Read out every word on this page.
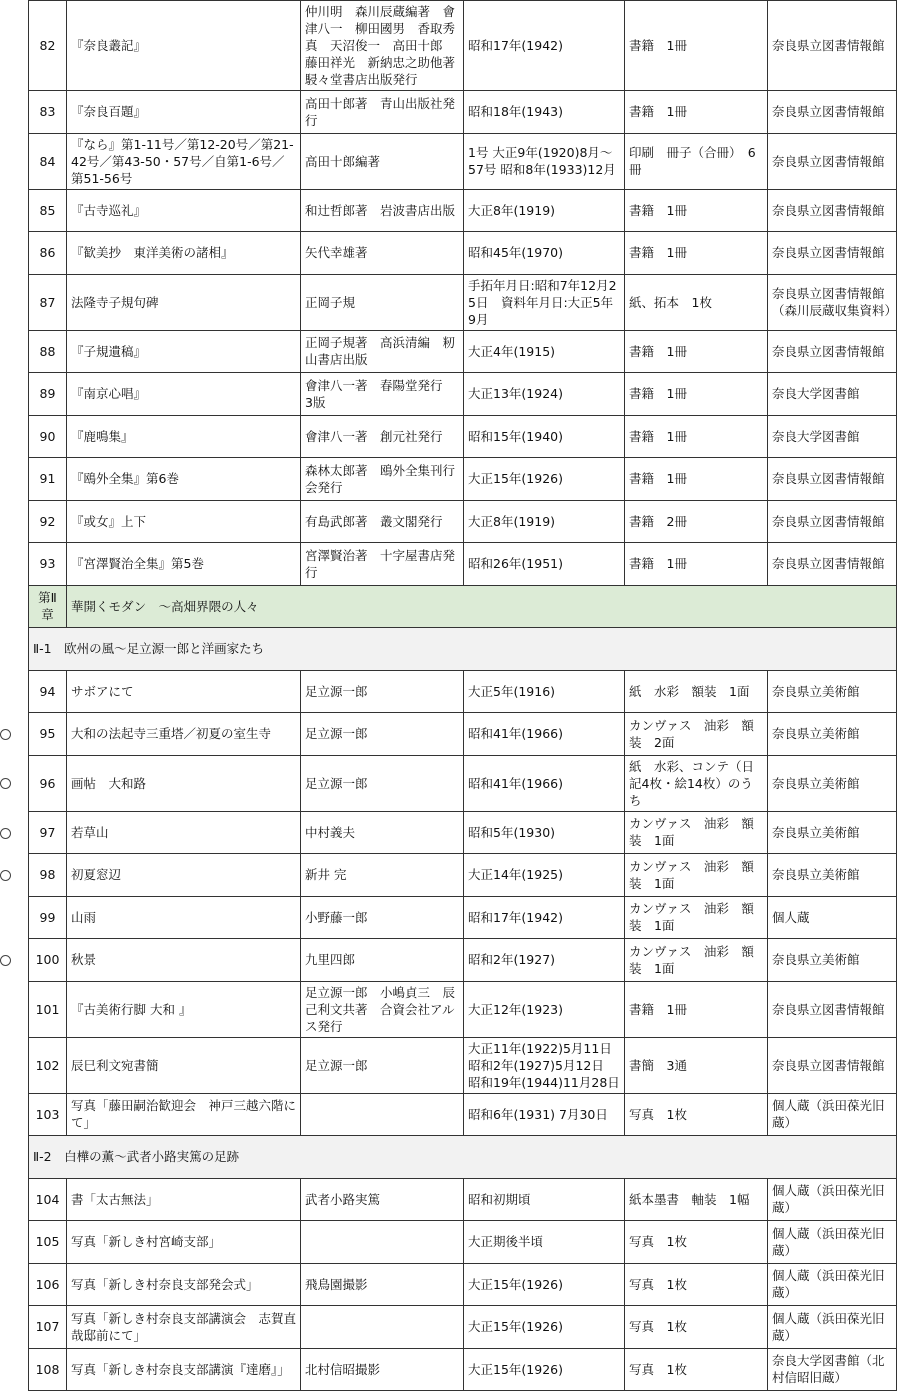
82	『奈良叢記』	仲川明　森川辰蔵編著　會津八一　柳田國男　香取秀真　天沼俊一　高田十郎　藤田祥光　新納忠之助他著　駸々堂書店出版発行	昭和17年(1942)	書籍　1冊	奈良県立図書情報館
83	『奈良百題』	高田十郎著　青山出版社発行	昭和18年(1943)	書籍　1冊	奈良県立図書情報館
84	『なら』第1-11号／第12-20号／第21-42号／第43-50・57号／自第1-6号／第51-56号	高田十郎編著	1号 大正9年(1920)8月〜57号 昭和8年(1933)12月	印刷　冊子（合冊）　6冊	奈良県立図書情報館
85	『古寺巡礼』	和辻哲郎著　岩波書店出版	大正8年(1919)	書籍　1冊	奈良県立図書情報館
86	『歓美抄　東洋美術の諸相』	矢代幸雄著	昭和45年(1970)	書籍　1冊	奈良県立図書情報館
87	法隆寺子規句碑	正岡子規	手拓年月日:昭和7年12月25日　資料年月日:大正5年9月	紙、拓本　1枚	奈良県立図書情報館（森川辰蔵収集資料）
88	『子規遺稿』	正岡子規著　高浜清編　籾山書店出版	大正4年(1915)	書籍　1冊	奈良県立図書情報館
89	『南京心唱』	會津八一著　春陽堂発行　3版	大正13年(1924)	書籍　1冊	奈良大学図書館
90	『鹿鳴集』	會津八一著　創元社発行	昭和15年(1940)	書籍　1冊	奈良大学図書館
91	『鴎外全集』第6巻	森林太郎著　鴎外全集刊行会発行	大正15年(1926)	書籍　1冊	奈良県立図書情報館
92	『或女』上下	有島武郎著　叢文閣発行	大正8年(1919)	書籍　2冊	奈良県立図書情報館
93	『宮澤賢治全集』第5巻	宮澤賢治著　十字屋書店発行	昭和26年(1951)	書籍　1冊	奈良県立図書情報館
第Ⅱ章	華開くモダン　〜高畑界隈の人々				
Ⅱ-1　欧州の風〜足立源一郎と洋画家たち					
94	サボアにて	足立源一郎	大正5年(1916)	紙　水彩　額装　1面	奈良県立美術館
95	大和の法起寺三重塔／初夏の室生寺	足立源一郎	昭和41年(1966)	カンヴァス　油彩　額装　2面	奈良県立美術館
96	画帖　大和路	足立源一郎	昭和41年(1966)	紙　水彩、コンテ（日記4枚・絵14枚）のうち	奈良県立美術館
97	若草山	中村義夫	昭和5年(1930)	カンヴァス　油彩　額装　1面	奈良県立美術館
98	初夏窓辺	新井 完	大正14年(1925)	カンヴァス　油彩　額装　1面	奈良県立美術館
99	山雨	小野藤一郎	昭和17年(1942)	カンヴァス　油彩　額装　1面	個人蔵
100	秋景	九里四郎	昭和2年(1927)	カンヴァス　油彩　額装　1面	奈良県立美術館
101	『古美術行脚 大和 』	足立源一郎　小嶋貞三　辰己利文共著　合資会社アルス発行	大正12年(1923)	書籍　1冊	奈良県立図書情報館
102	辰巳利文宛書簡	足立源一郎	大正11年(1922)5月11日　昭和2年(1927)5月12日　昭和19年(1944)11月28日	書簡　3通	奈良県立図書情報館
103	写真「藤田嗣治歓迎会　神戸三越六階にて」		昭和6年(1931) 7月30日	写真　1枚	個人蔵（浜田葆光旧蔵）
Ⅱ-2　白樺の薫〜武者小路実篤の足跡					
104	書「太古無法」	武者小路実篤	昭和初期頃	紙本墨書　軸装　1幅	個人蔵（浜田葆光旧蔵）
105	写真「新しき村宮崎支部」		大正期後半頃	写真　1枚	個人蔵（浜田葆光旧蔵）
106	写真「新しき村奈良支部発会式」	飛鳥園撮影	大正15年(1926)	写真　1枚	個人蔵（浜田葆光旧蔵）
107	写真「新しき村奈良支部講演会　志賀直哉邸前にて」		大正15年(1926)	写真　1枚	個人蔵（浜田葆光旧蔵）
108	写真「新しき村奈良支部講演『達磨』」	北村信昭撮影	大正15年(1926)	写真　1枚	奈良大学図書館（北村信昭旧蔵）
